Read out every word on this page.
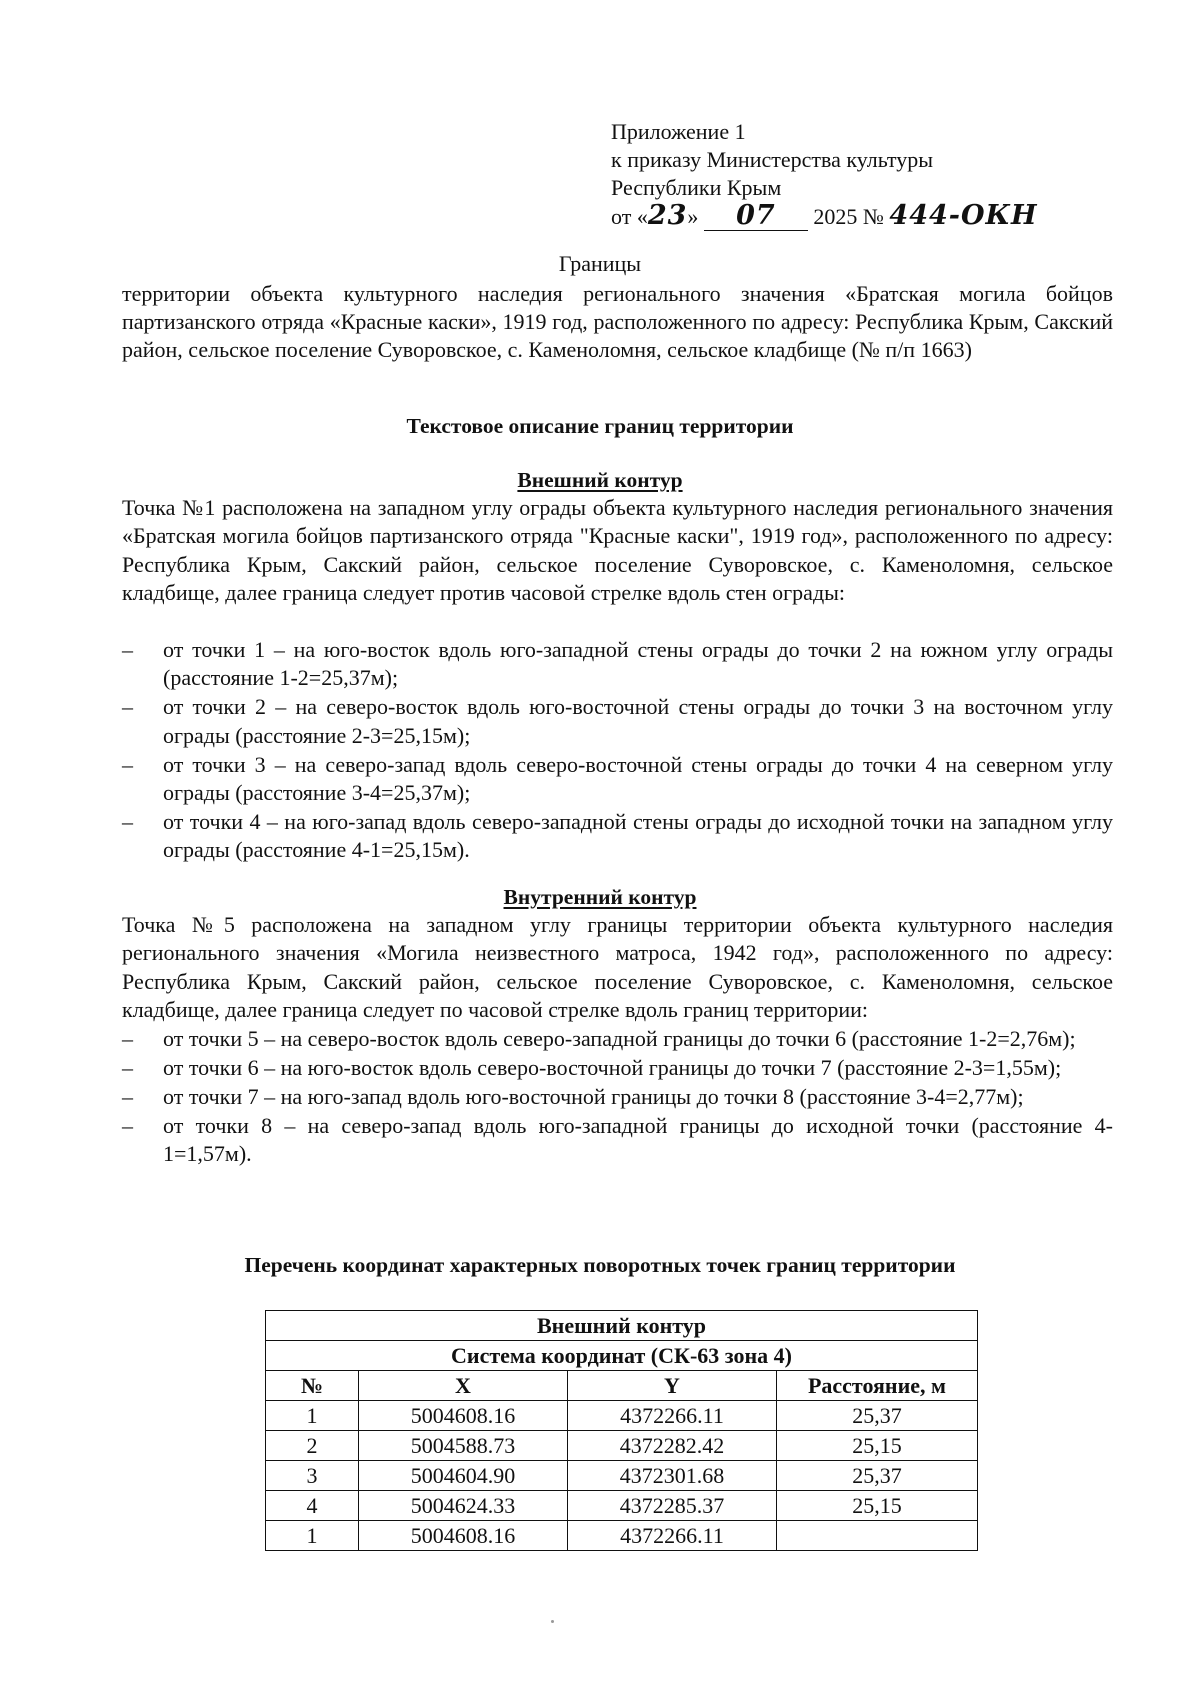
Приложение 1
к приказу Министерства культуры
Республики Крым
от «23» 07 2025 № 444-ОКН
Границы
территории объекта культурного наследия регионального значения «Братская могила бойцов партизанского отряда «Красные каски», 1919 год, расположенного по адресу: Республика Крым, Сакский район, сельское поселение Суворовское, с. Каменоломня, сельское кладбище (№ п/п 1663)
Текстовое описание границ территории
Внешний контур
Точка №1 расположена на западном углу ограды объекта культурного наследия регионального значения «Братская могила бойцов партизанского отряда "Красные каски", 1919 год», расположенного по адресу: Республика Крым, Сакский район, сельское поселение Суворовское, с. Каменоломня, сельское кладбище, далее граница следует против часовой стрелке вдоль стен ограды:
– от точки 1 – на юго-восток вдоль юго-западной стены ограды до точки 2 на южном углу ограды (расстояние 1-2=25,37м);
– от точки 2 – на северо-восток вдоль юго-восточной стены ограды до точки 3 на восточном углу ограды (расстояние 2-3=25,15м);
– от точки 3 – на северо-запад вдоль северо-восточной стены ограды до точки 4 на северном углу ограды (расстояние 3-4=25,37м);
– от точки 4 – на юго-запад вдоль северо-западной стены ограды до исходной точки на западном углу ограды (расстояние 4-1=25,15м).
Внутренний контур
Точка №5 расположена на западном углу границы территории объекта культурного наследия регионального значения «Могила неизвестного матроса, 1942 год», расположенного по адресу: Республика Крым, Сакский район, сельское поселение Суворовское, с. Каменоломня, сельское кладбище, далее граница следует по часовой стрелке вдоль границ территории:
– от точки 5 – на северо-восток вдоль северо-западной границы до точки 6 (расстояние 1-2=2,76м);
– от точки 6 – на юго-восток вдоль северо-восточной границы до точки 7 (расстояние 2-3=1,55м);
– от точки 7 – на юго-запад вдоль юго-восточной границы до точки 8 (расстояние 3-4=2,77м);
– от точки 8 – на северо-запад вдоль юго-западной границы до исходной точки (расстояние 4-1=1,57м).
Перечень координат характерных поворотных точек границ территории
Внешний контур			
Система координат (СК-63 зона 4)			
№	X	Y	Расстояние, м
1	5004608.16	4372266.11	25,37
2	5004588.73	4372282.42	25,15
3	5004604.90	4372301.68	25,37
4	5004624.33	4372285.37	25,15
1	5004608.16	4372266.11	
